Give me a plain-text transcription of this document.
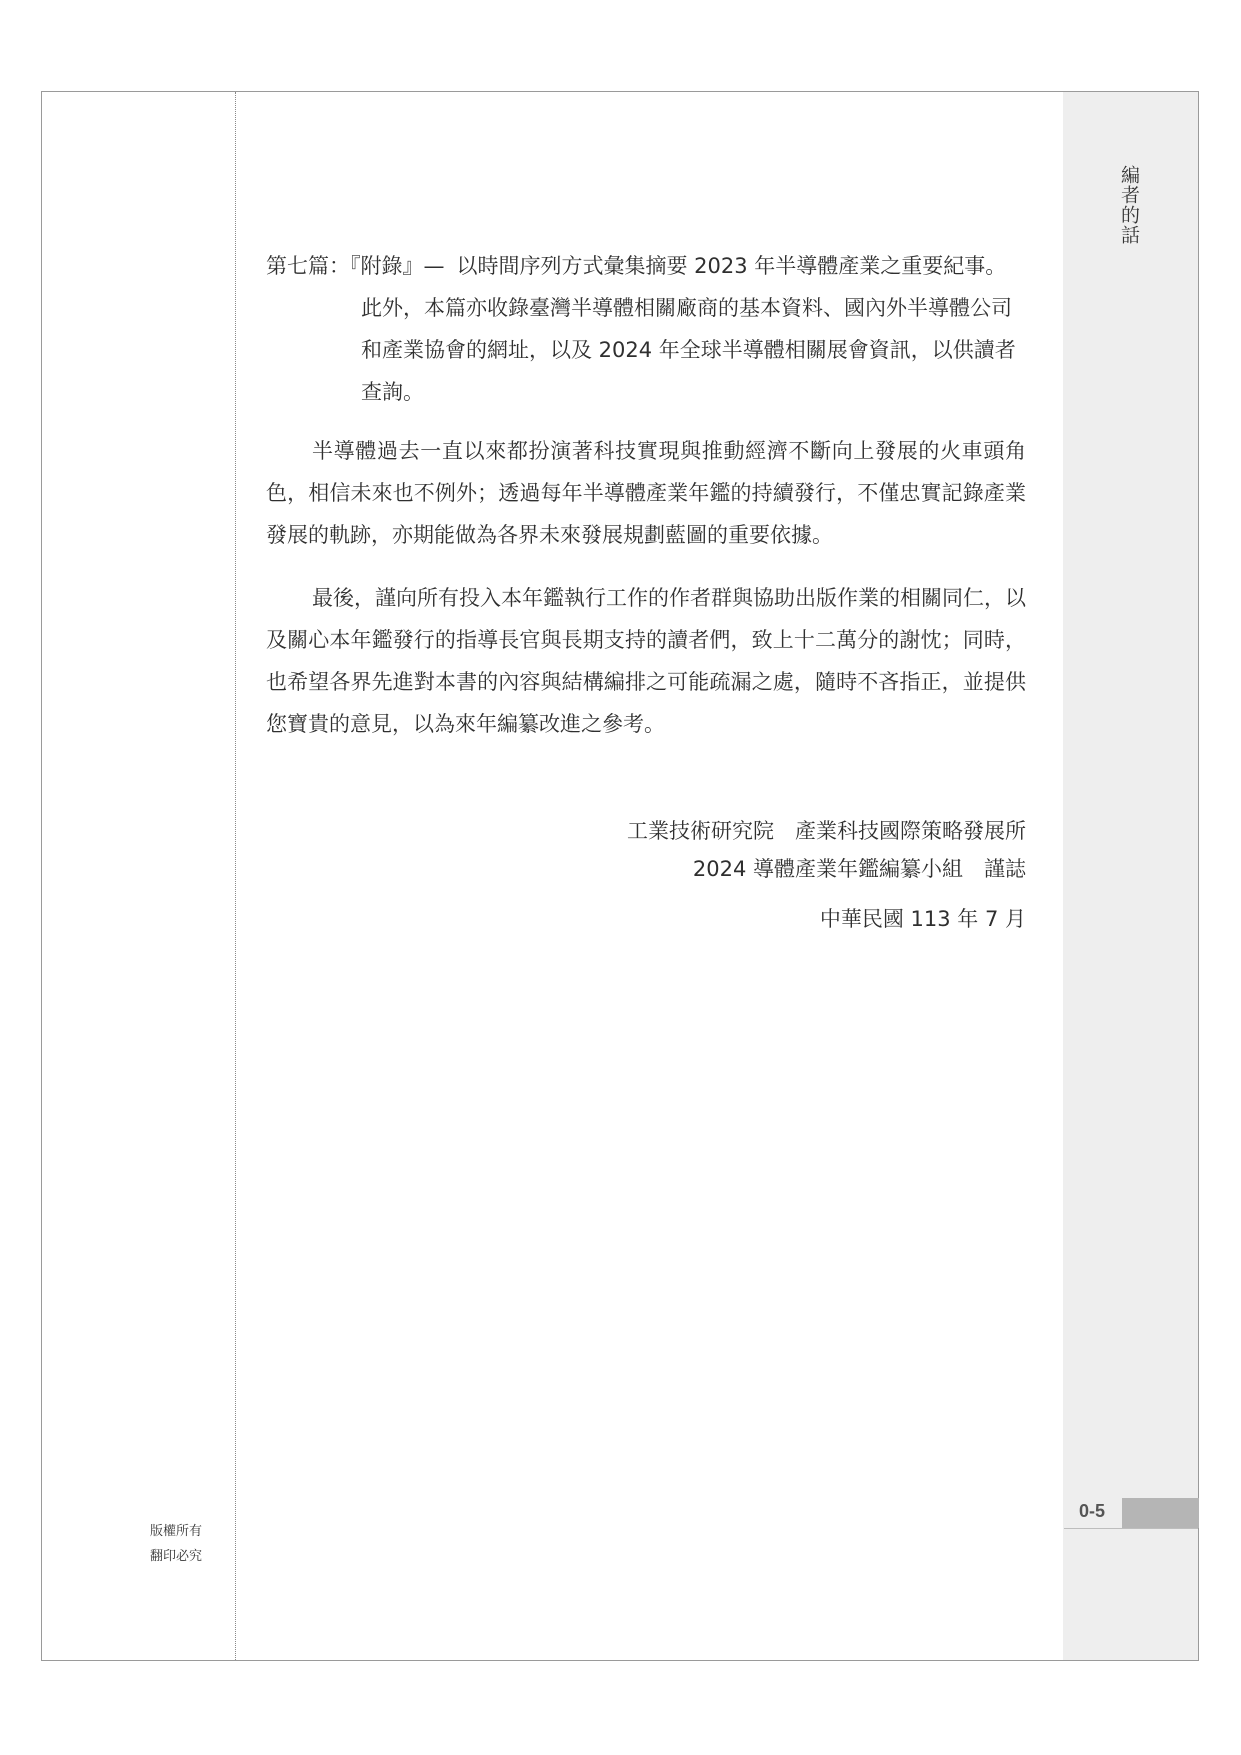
編者的話
第七篇：『附錄』— 以時間序列方式彙集摘要 2023 年半導體產業之重要紀事。此外，本篇亦收錄臺灣半導體相關廠商的基本資料、國內外半導體公司和產業協會的網址，以及 2024 年全球半導體相關展會資訊，以供讀者查詢。

半導體過去一直以來都扮演著科技實現與推動經濟不斷向上發展的火車頭角色，相信未來也不例外；透過每年半導體產業年鑑的持續發行，不僅忠實記錄產業發展的軌跡，亦期能做為各界未來發展規劃藍圖的重要依據。

最後，謹向所有投入本年鑑執行工作的作者群與協助出版作業的相關同仁，以及關心本年鑑發行的指導長官與長期支持的讀者們，致上十二萬分的謝忱；同時，也希望各界先進對本書的內容與結構編排之可能疏漏之處，隨時不吝指正，並提供您寶貴的意見，以為來年編纂改進之參考。

工業技術研究院　產業科技國際策略發展所
2024 導體產業年鑑編纂小組　謹誌
中華民國 113 年 7 月
0-5
版權所有
翻印必究
